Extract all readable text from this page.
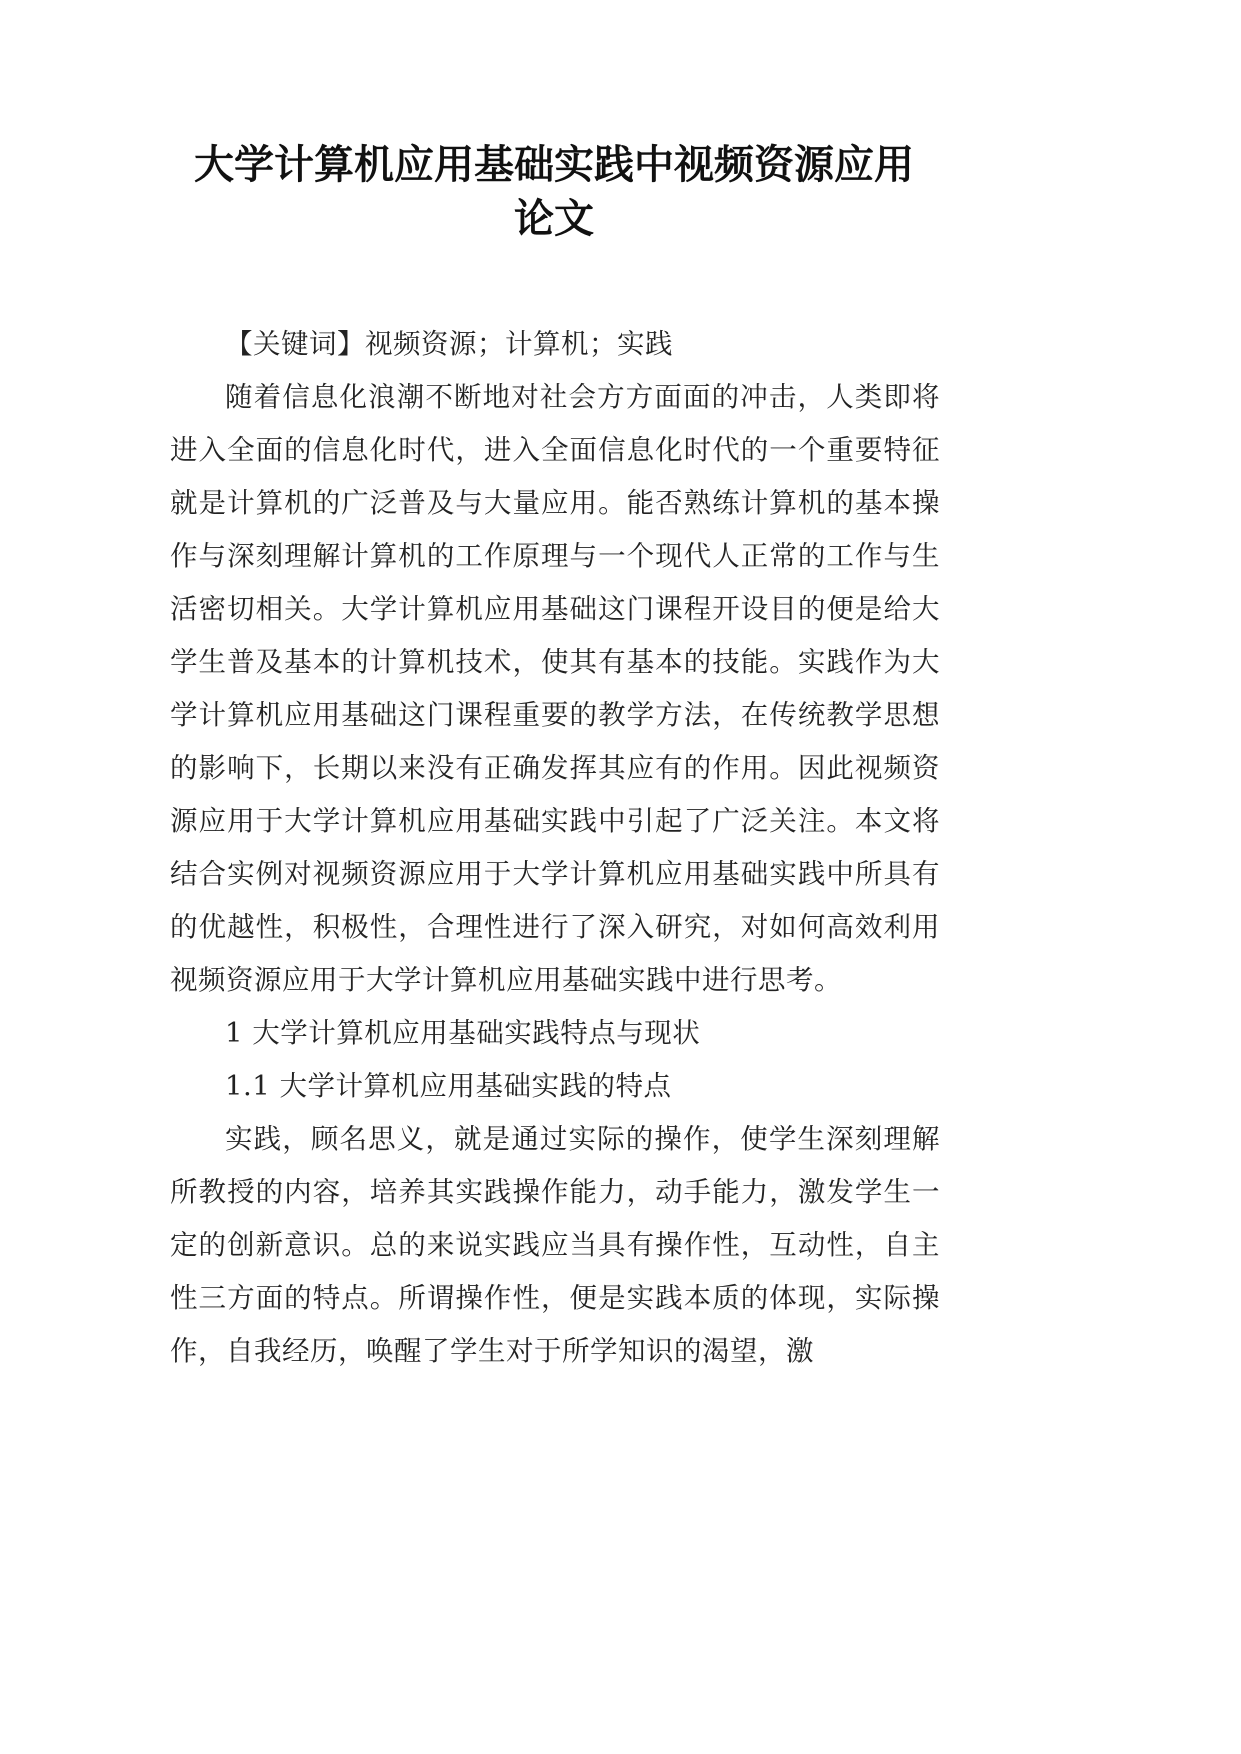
大学计算机应用基础实践中视频资源应用
论文

【关键词】视频资源；计算机；实践

随着信息化浪潮不断地对社会方方面面的冲击，人类即将进入全面的信息化时代，进入全面信息化时代的一个重要特征就是计算机的广泛普及与大量应用。能否熟练计算机的基本操作与深刻理解计算机的工作原理与一个现代人正常的工作与生活密切相关。大学计算机应用基础这门课程开设目的便是给大学生普及基本的计算机技术，使其有基本的技能。实践作为大学计算机应用基础这门课程重要的教学方法，在传统教学思想的影响下，长期以来没有正确发挥其应有的作用。因此视频资源应用于大学计算机应用基础实践中引起了广泛关注。本文将结合实例对视频资源应用于大学计算机应用基础实践中所具有的优越性，积极性，合理性进行了深入研究，对如何高效利用视频资源应用于大学计算机应用基础实践中进行思考。

1 大学计算机应用基础实践特点与现状

1.1 大学计算机应用基础实践的特点

实践，顾名思义，就是通过实际的操作，使学生深刻理解所教授的内容，培养其实践操作能力，动手能力，激发学生一定的创新意识。总的来说实践应当具有操作性，互动性，自主性三方面的特点。所谓操作性，便是实践本质的体现，实际操作，自我经历，唤醒了学生对于所学知识的渴望，激
